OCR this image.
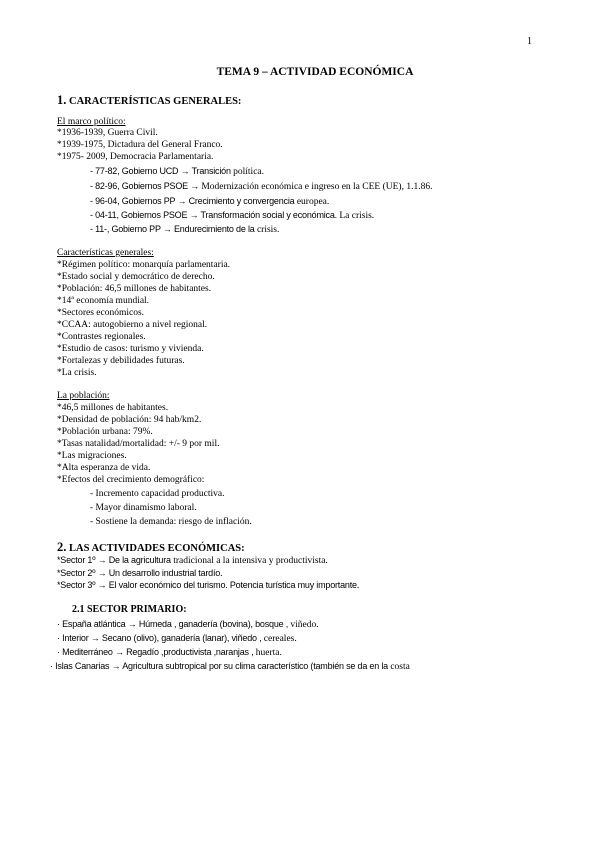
1
TEMA 9 – ACTIVIDAD ECONÓMICA
1. CARACTERÍSTICAS GENERALES:
El marco político:
*1936-1939, Guerra Civil.
*1939-1975, Dictadura del General Franco.
*1975- 2009, Democracia Parlamentaria.
- 77-82, Gobierno UCD → Transición política.
- 82-96, Gobiernos PSOE → Modernización económica e ingreso en la CEE (UE), 1.1.86.
- 96-04, Gobiernos PP → Crecimiento y convergencia europea.
- 04-11, Gobiernos PSOE → Transformación social y económica. La crisis.
- 11-, Gobierno PP → Endurecimiento de la crisis.
Características generales:
*Régimen político: monarquía parlamentaria.
*Estado social y democrático de derecho.
*Población: 46,5 millones de habitantes.
*14ª economía mundial.
*Sectores económicos.
*CCAA: autogobierno a nivel regional.
*Contrastes regionales.
*Estudio de casos: turismo y vivienda.
*Fortalezas y debilidades futuras.
*La crisis.
La población:
*46,5 millones de habitantes.
*Densidad de población: 94 hab/km2.
*Población urbana: 79%.
*Tasas natalidad/mortalidad: +/- 9 por mil.
*Las migraciones.
*Alta esperanza de vida.
*Efectos del crecimiento demográfico:
- Incremento capacidad productiva.
- Mayor dinamismo laboral.
- Sostiene la demanda: riesgo de inflación.
2. LAS ACTIVIDADES ECONÓMICAS:
*Sector 1º → De la agricultura tradicional a la intensiva y productivista.
*Sector 2º → Un desarrollo industrial tardío.
*Sector 3º → El valor económico del turismo. Potencia turística muy importante.
2.1 SECTOR PRIMARIO:
· España atlántica → Húmeda , ganadería (bovina), bosque , viñedo.
· Interior → Secano (olivo), ganadería (lanar), viñedo , cereales.
· Mediterráneo → Regadío ,productivista ,naranjas , huerta.
· Islas Canarias → Agricultura subtropical por su clima característico (también se da en la costa
